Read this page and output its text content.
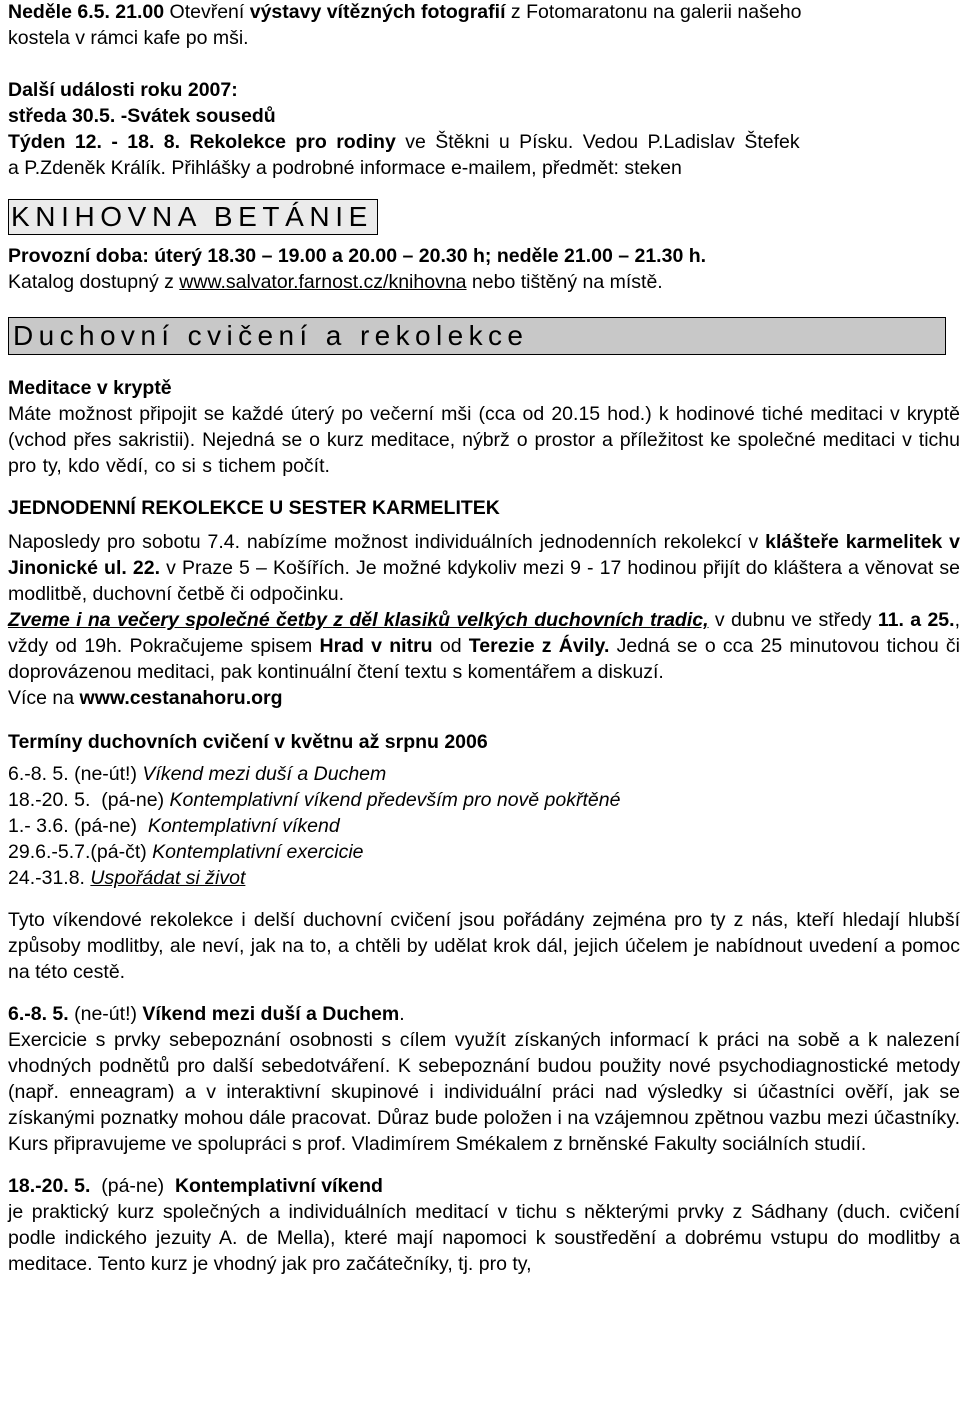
Neděle 6.5. 21.00 Otevření výstavy vítězných fotografií z Fotomaratonu na galerii našeho

kostela v rámci kafe po mši.

Další události roku 2007:

středa 30.5. -Svátek sousedů

Týden 12. - 18. 8. Rekolekce pro rodiny ve Štěkni u Písku. Vedou P.Ladislav Štefek

a P.Zdeněk Králík. Přihlášky a podrobné informace e-mailem, předmět: steken

KNIHOVNA BETÁNIE

Provozní doba: úterý 18.30 – 19.00 a 20.00 – 20.30 h; neděle 21.00 – 21.30 h.

Katalog dostupný z www.salvator.farnost.cz/knihovna nebo tištěný na místě.

Duchovní cvičení a rekolekce

Meditace v kryptě

Máte možnost připojit se každé úterý po večerní mši (cca od 20.15 hod.) k hodinové tiché meditaci v kryptě (vchod přes sakristii). Nejedná se o kurz meditace, nýbrž o prostor a příležitost ke společné meditaci v tichu pro ty, kdo vědí, co si s tichem počít.

JEDNODENNÍ REKOLEKCE U SESTER KARMELITEK

Naposledy pro sobotu 7.4. nabízíme možnost individuálních jednodenních rekolekcí v klášteře karmelitek v Jinonické ul. 22. v Praze 5 – Košířích. Je možné kdykoliv mezi 9 - 17 hodinou přijít do kláštera a věnovat se modlitbě, duchovní četbě či odpočinku.

Zveme i na večery společné četby z děl klasiků velkých duchovních tradic, v dubnu ve středy 11. a 25., vždy od 19h. Pokračujeme spisem Hrad v nitru od Terezie z Ávily. Jedná se o cca 25 minutovou tichou či doprovázenou meditaci, pak kontinuální čtení textu s komentářem a diskuzí.

Více na www.cestanahoru.org

Termíny duchovních cvičení v květnu až srpnu 2006

6.-8. 5. (ne-út!) Víkend mezi duší a Duchem

18.-20. 5.  (pá-ne) Kontemplativní víkend především pro nově pokřtěné

1.- 3.6. (pá-ne)  Kontemplativní víkend

29.6.-5.7.(pá-čt) Kontemplativní exercicie

24.-31.8. Uspořádat si život

Tyto víkendové rekolekce i delší duchovní cvičení jsou pořádány zejména pro ty z nás, kteří hledají hlubší způsoby modlitby, ale neví, jak na to, a chtěli by udělat krok dál, jejich účelem je nabídnout uvedení a pomoc na této cestě.

6.-8. 5. (ne-út!) Víkend mezi duší a Duchem.

Exercicie s prvky sebepoznání osobnosti s cílem využít získaných informací k práci na sobě a k nalezení vhodných podnětů pro další sebedotváření. K sebepoznání budou použity nové psychodiagnostické metody (např. enneagram) a v interaktivní skupinové i individuální práci nad výsledky si účastníci ověří, jak se získanými poznatky mohou dále pracovat. Důraz bude položen i na vzájemnou zpětnou vazbu mezi účastníky. Kurs připravujeme ve spolupráci s prof. Vladimírem Smékalem z brněnské Fakulty sociálních studií.

18.-20. 5.  (pá-ne)  Kontemplativní víkend

je praktický kurz společných a individuálních meditací v tichu s některými prvky z Sádhany (duch. cvičení podle indického jezuity A. de Mella), které mají napomoci k soustředění a dobrému vstupu do modlitby a meditace. Tento kurz je vhodný jak pro začátečníky, tj. pro ty,
